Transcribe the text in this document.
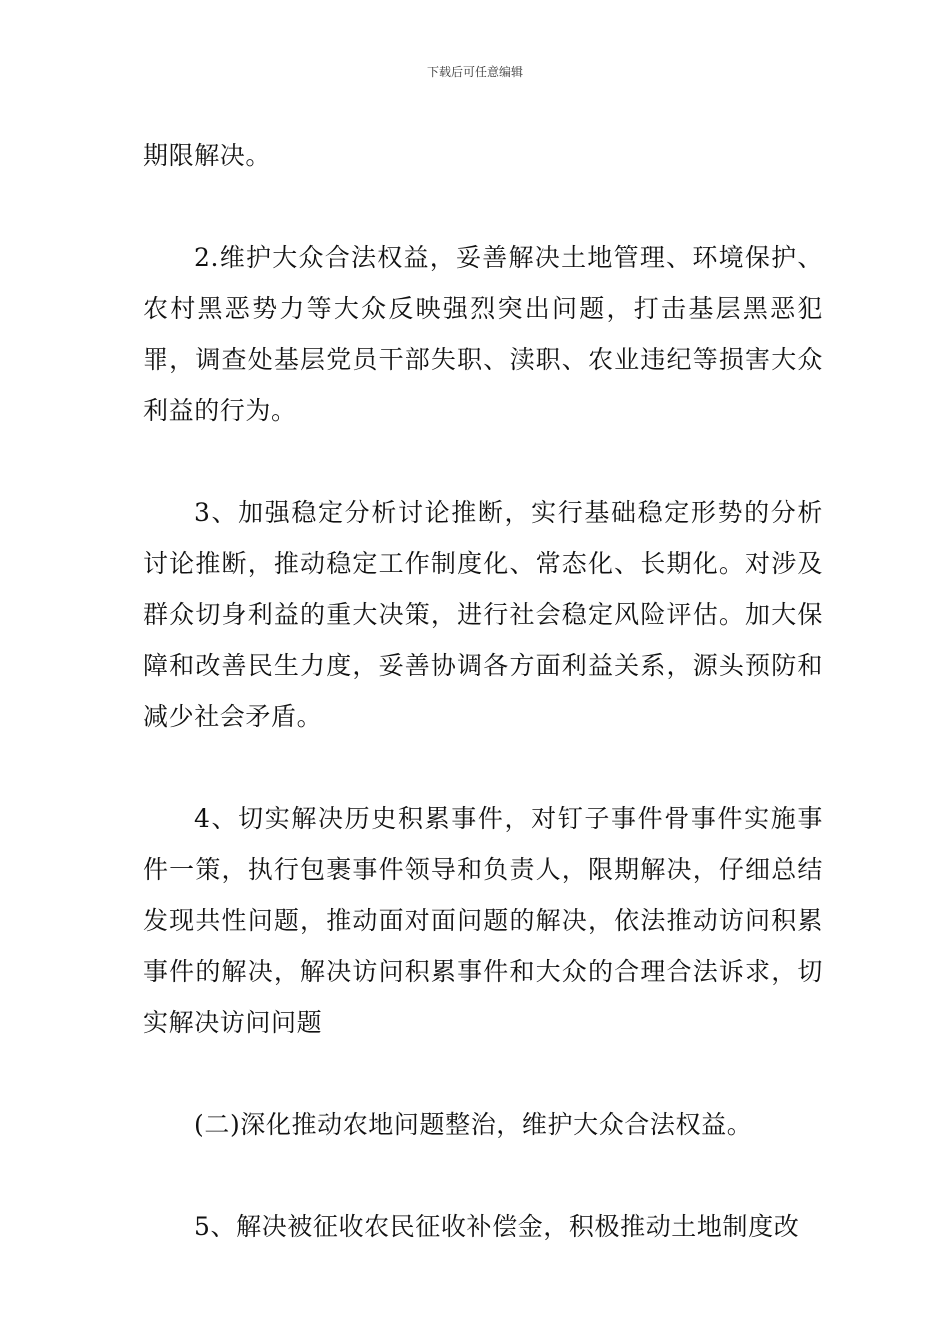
下载后可任意编辑

期限解决。

2.维护大众合法权益，妥善解决土地管理、环境保护、农村黑恶势力等大众反映强烈突出问题，打击基层黑恶犯罪，调查处基层党员干部失职、渎职、农业违纪等损害大众利益的行为。

3、加强稳定分析讨论推断，实行基础稳定形势的分析讨论推断，推动稳定工作制度化、常态化、长期化。对涉及群众切身利益的重大决策，进行社会稳定风险评估。加大保障和改善民生力度，妥善协调各方面利益关系，源头预防和减少社会矛盾。

4、切实解决历史积累事件，对钉子事件骨事件实施事件一策，执行包裹事件领导和负责人，限期解决，仔细总结发现共性问题，推动面对面问题的解决，依法推动访问积累事件的解决，解决访问积累事件和大众的合理合法诉求，切实解决访问问题

(二)深化推动农地问题整治，维护大众合法权益。

5、解决被征收农民征收补偿金，积极推动土地制度改
